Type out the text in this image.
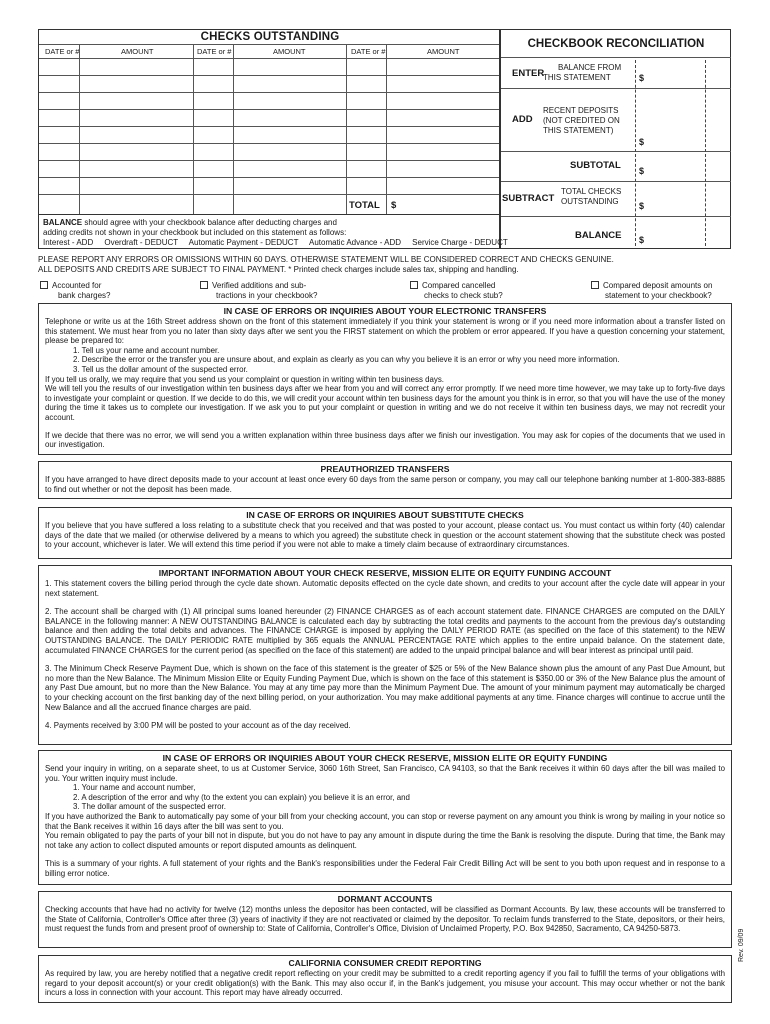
CHECKS OUTSTANDING
DATE or #	AMOUNT	DATE or #	AMOUNT	DATE or #	AMOUNT
TOTAL $
CHECKBOOK RECONCILIATION
ENTER
BALANCE FROM
THIS STATEMENT	$
ADD
RECENT DEPOSITS
(NOT CREDITED ON
THIS STATEMENT)
$
SUBTOTAL $
SUBTRACT
TOTAL CHECKS
OUTSTANDING $
BALANCE $
BALANCE should agree with your checkbook balance after deducting charges and
adding credits not shown in your checkbook but included on this statement as follows:
Interest - ADD     Overdraft - DEDUCT     Automatic Payment - DEDUCT     Automatic Advance - ADD     Service Charge - DEDUCT
PLEASE REPORT ANY ERRORS OR OMISSIONS WITHIN 60 DAYS. OTHERWISE STATEMENT WILL BE CONSIDERED CORRECT AND CHECKS GENUINE.
ALL DEPOSITS AND CREDITS ARE SUBJECT TO FINAL PAYMENT. * Printed check charges include sales tax, shipping and handling.
Accounted for
bank charges?
Verified additions and sub-
tractions in your checkbook?
Compared cancelled
checks to check stub?
Compared deposit amounts on
statement to your checkbook?
IN CASE OF ERRORS OR INQUIRIES ABOUT YOUR ELECTRONIC TRANSFERS

Telephone or write us at the 16th Street address shown on the front of this statement immediately if you think your statement is wrong or if you need more information about a transfer listed on this statement. We must hear from you no later than sixty days after we sent you the FIRST statement on which the problem or error appeared. If you have a question concerning your statement, please be prepared to:

1. Tell us your name and account number.

2. Describe the error or the transfer you are unsure about, and explain as clearly as you can why you believe it is an error or why you need more information.

3. Tell us the dollar amount of the suspected error.

If you tell us orally, we may require that you send us your complaint or question in writing within ten business days.

We will tell you the results of our investigation within ten business days after we hear from you and will correct any error promptly. If we need more time however, we may take up to forty-five days to investigate your complaint or question. If we decide to do this, we will credit your account within ten business days for the amount you think is in error, so that you will have the use of the money during the time it takes us to complete our investigation. If we ask you to put your complaint or question in writing and we do not receive it within ten business days, we may not recredit your account.

If we decide that there was no error, we will send you a written explanation within three business days after we finish our investigation. You may ask for copies of the documents that we used in our investigation.

PREAUTHORIZED TRANSFERS

If you have arranged to have direct deposits made to your account at least once every 60 days from the same person or company, you may call our telephone banking number at 1-800-383-8885 to find out whether or not the deposit has been made.

IN CASE OF ERRORS OR INQUIRIES ABOUT SUBSTITUTE CHECKS

If you believe that you have suffered a loss relating to a substitute check that you received and that was posted to your account, please contact us. You must contact us within forty (40) calendar days of the date that we mailed (or otherwise delivered by a means to which you agreed) the substitute check in question or the account statement showing that the substitute check was posted to your account, whichever is later. We will extend this time period if you were not able to make a timely claim because of extraordinary circumstances.

IMPORTANT INFORMATION ABOUT YOUR CHECK RESERVE, MISSION ELITE OR EQUITY FUNDING ACCOUNT

1. This statement covers the billing period through the cycle date shown. Automatic deposits effected on the cycle date shown, and credits to your account after the cycle date will appear in your next statement.

2. The account shall be charged with (1) All principal sums loaned hereunder (2) FINANCE CHARGES as of each account statement date. FINANCE CHARGES are computed on the DAILY BALANCE in the following manner: A NEW OUTSTANDING BALANCE is calculated each day by subtracting the total credits and payments to the account from the previous day's outstanding balance and then adding the total debits and advances. The FINANCE CHARGE is imposed by applying the DAILY PERIOD RATE (as specified on the face of this statement) to the NEW OUTSTANDING BALANCE. The DAILY PERIODIC RATE multiplied by 365 equals the ANNUAL PERCENTAGE RATE which applies to the entire unpaid balance. On the statement date, accumulated FINANCE CHARGES for the current period (as specified on the face of this statement) are added to the unpaid principal balance and will bear interest as principal until paid.

3. The Minimum Check Reserve Payment Due, which is shown on the face of this statement is the greater of $25 or 5% of the New Balance shown plus the amount of any Past Due Amount, but no more than the New Balance. The Minimum Mission Elite or Equity Funding Payment Due, which is shown on the face of this statement is $350.00 or 3% of the New Balance plus the amount of any Past Due amount, but no more than the New Balance. You may at any time pay more than the Minimum Payment Due. The amount of your minimum payment may automatically be charged to your checking account on the first banking day of the next billing period, on your authorization. You may make additional payments at any time. Finance charges will continue to accrue until the New Balance and all the accrued finance charges are paid.

4. Payments received by 3:00 PM will be posted to your account as of the day received.

IN CASE OF ERRORS OR INQUIRIES ABOUT YOUR CHECK RESERVE, MISSION ELITE OR EQUITY FUNDING

Send your inquiry in writing, on a separate sheet, to us at Customer Service, 3060 16th Street, San Francisco, CA 94103, so that the Bank receives it within 60 days after the bill was mailed to you. Your written inquiry must include.

1. Your name and account number,

2. A description of the error and why (to the extent you can explain) you believe it is an error, and

3. The dollar amount of the suspected error.

If you have authorized the Bank to automatically pay some of your bill from your checking account, you can stop or reverse payment on any amount you think is wrong by mailing in your notice so that the Bank receives it within 16 days after the bill was sent to you.

You remain obligated to pay the parts of your bill not in dispute, but you do not have to pay any amount in dispute during the time the Bank is resolving the dispute. During that time, the Bank may not take any action to collect disputed amounts or report disputed amounts as delinquent.

This is a summary of your rights. A full statement of your rights and the Bank's responsibilities under the Federal Fair Credit Billing Act will be sent to you both upon request and in response to a billing error notice.

DORMANT ACCOUNTS

Checking accounts that have had no activity for twelve (12) months unless the depositor has been contacted, will be classified as Dormant Accounts. By law, these accounts will be transferred to the State of California, Controller's Office after three (3) years of inactivity if they are not reactivated or claimed by the depositor. To reclaim funds transferred to the State, depositors, or their heirs, must request the funds from and present proof of ownership to: State of California, Controller's Office, Division of Unclaimed Property, P.O. Box 942850, Sacramento, CA 94250-5873.

CALIFORNIA CONSUMER CREDIT REPORTING

As required by law, you are hereby notified that a negative credit report reflecting on your credit may be submitted to a credit reporting agency if you fail to fulfill the terms of your obligations with regard to your deposit account(s) or your credit obligation(s) with the Bank. This may also occur if, in the Bank's judgement, you misuse your account. This may occur whether or not the bank incurs a loss in connection with your account. This report may have already occurred.

Rev. 09/09
